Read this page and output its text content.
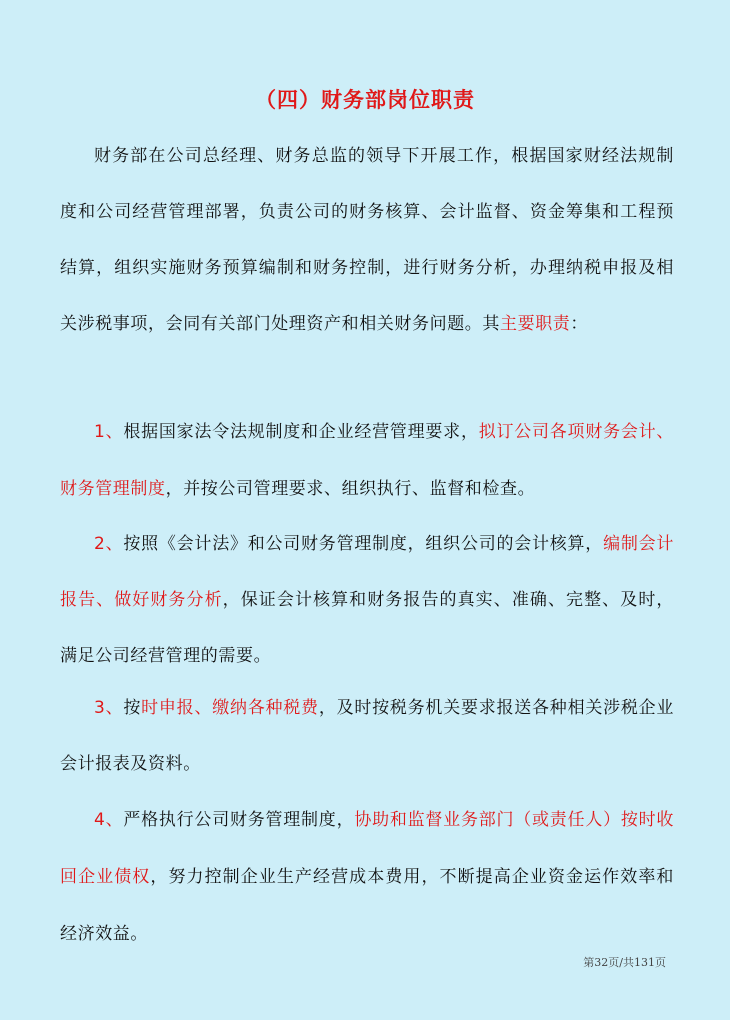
（四）财务部岗位职责

财务部在公司总经理、财务总监的领导下开展工作，根据国家财经法规制度和公司经营管理部署，负责公司的财务核算、会计监督、资金筹集和工程预结算，组织实施财务预算编制和财务控制，进行财务分析，办理纳税申报及相关涉税事项，会同有关部门处理资产和相关财务问题。其主要职责：

1、根据国家法令法规制度和企业经营管理要求，拟订公司各项财务会计、财务管理制度，并按公司管理要求、组织执行、监督和检查。

2、按照《会计法》和公司财务管理制度，组织公司的会计核算，编制会计报告、做好财务分析，保证会计核算和财务报告的真实、准确、完整、及时，满足公司经营管理的需要。

3、按时申报、缴纳各种税费，及时按税务机关要求报送各种相关涉税企业会计报表及资料。

4、严格执行公司财务管理制度，协助和监督业务部门（或责任人）按时收回企业债权，努力控制企业生产经营成本费用，不断提高企业资金运作效率和经济效益。

第32页/共131页
